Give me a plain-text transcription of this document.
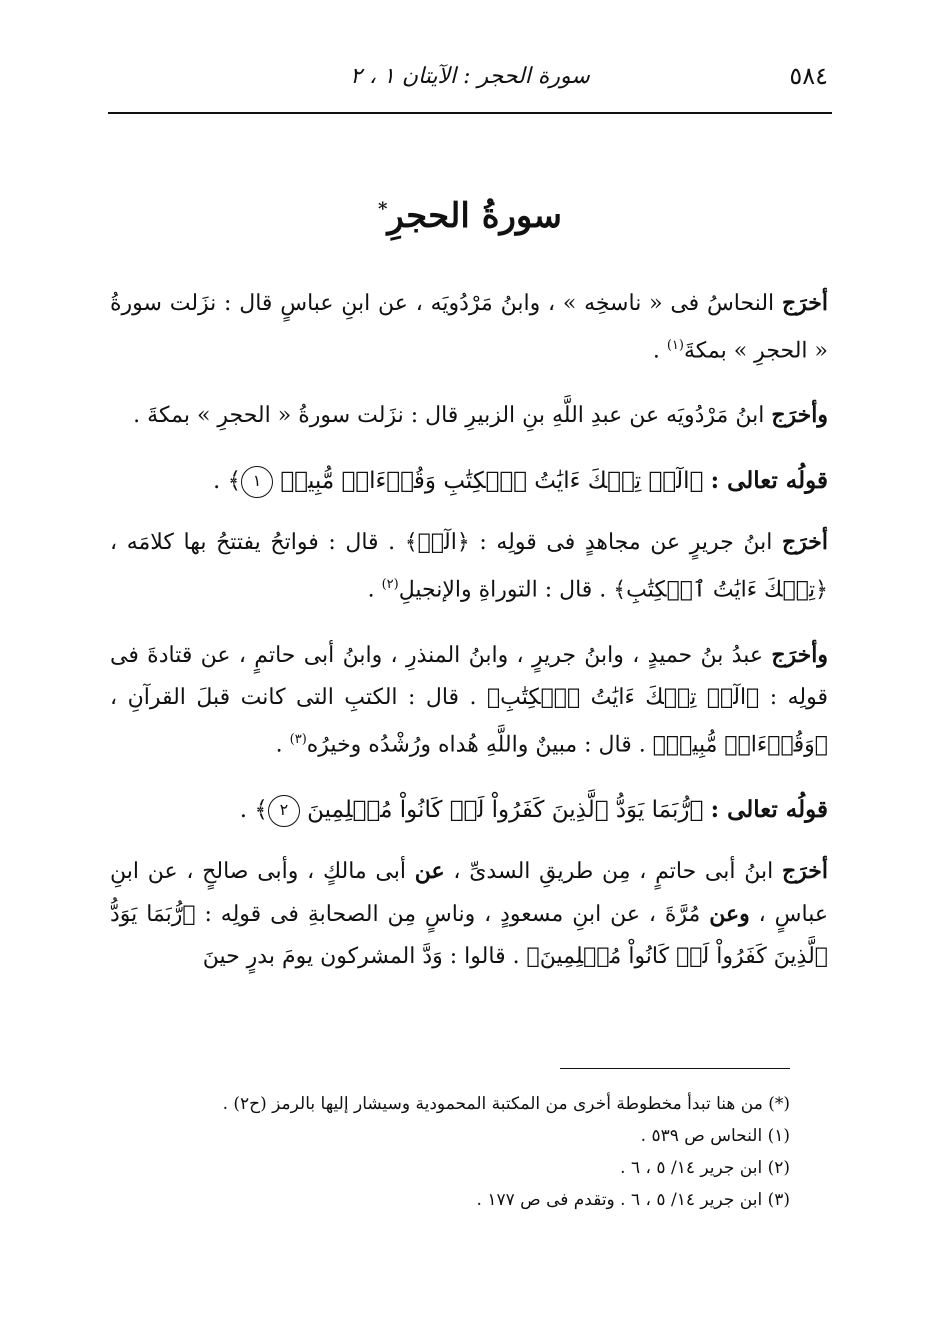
٥٨٤
سورة الحجر : الآيتان ١ ، ٢
سورةُ الحجرِ*

أخرَج النحاسُ فى « ناسخِه » ، وابنُ مَرْدُويَه ، عن ابنِ عباسٍ قال : نزَلت سورةُ « الحجرِ » بمكةَ$^{(١)}$ .

وأخرَج ابنُ مَرْدُويَه عن عبدِ اللَّهِ بنِ الزبيرِ قال : نزَلت سورةُ « الحجرِ » بمكةَ .

قولُه تعالى : ﴿الٓرۚ تِلۡكَ ءَايَٰتُ ٱلۡكِتَٰبِ وَقُرۡءَانٖ مُّبِينٖ ١﴾ .

أخرَج ابنُ جريرٍ عن مجاهدٍ فى قولِه : ﴿الٓرۚ﴾ . قال : فواتحُ يفتتحُ بها كلامَه ، ﴿تِلۡكَ ءَايَٰتُ ٱلۡكِتَٰبِ﴾ . قال : التوراةِ والإنجيلِ$^{(٢)}$ .

وأخرَج عبدُ بنُ حميدٍ ، وابنُ جريرٍ ، وابنُ المنذرِ ، وابنُ أبى حاتمٍ ، عن قتادةَ فى قولِه : ﴿الٓرۚ تِلۡكَ ءَايَٰتُ ٱلۡكِتَٰبِ﴾ . قال : الكتبِ التى كانت قبلَ القرآنِ ، ﴿وَقُرۡءَانٖ مُّبِينٖ﴾ . قال : مبينٌ واللَّهِ هُداه ورُشْدُه وخيرُه$^{(٣)}$ .

قولُه تعالى : ﴿رُّبَمَا يَوَدُّ ٱلَّذِينَ كَفَرُواْ لَوۡ كَانُواْ مُسۡلِمِينَ ٢﴾ .

أخرَج ابنُ أبى حاتمٍ ، مِن طريقِ السدىِّ ، عن أبى مالكٍ ، وأبى صالحٍ ، عن ابنِ عباسٍ ، وعن مُرَّةَ ، عن ابنِ مسعودٍ ، وناسٍ مِن الصحابةِ فى قولِه : ﴿رُّبَمَا يَوَدُّ ٱلَّذِينَ كَفَرُواْ لَوۡ كَانُواْ مُسۡلِمِينَ﴾ . قالوا : وَدَّ المشركون يومَ بدرٍ حينَ

(*) من هنا تبدأ مخطوطة أخرى من المكتبة المحمودية وسيشار إليها بالرمز (ح٢) .

(١) النحاس ص ٥٣٩ .

(٢) ابن جرير ١٤/ ٥ ، ٦ .

(٣) ابن جرير ١٤/ ٥ ، ٦ . وتقدم فى ص ١٧٧ .
